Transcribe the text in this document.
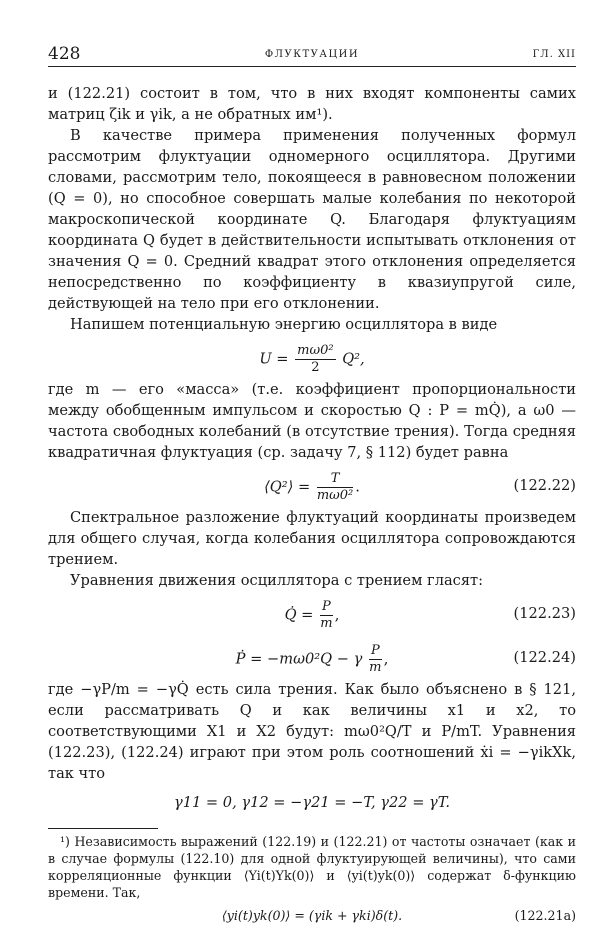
428	ФЛУКТУАЦИИ	ГЛ. XII

и (122.21) состоит в том, что в них входят компоненты самих матриц ζik и γik, а не обратных им¹).

В качестве примера применения полученных формул рассмотрим флуктуации одномерного осциллятора. Другими словами, рассмотрим тело, покоящееся в равновесном положении (Q = 0), но способное совершать малые колебания по некоторой макроскопической координате Q. Благодаря флуктуациям координата Q будет в действительности испытывать отклонения от значения Q = 0. Средний квадрат этого отклонения определяется непосредственно по коэффициенту в квазиупругой силе, действующей на тело при его отклонении.

Напишем потенциальную энергию осциллятора в виде

$U = \frac{\text{mω0²}}{2} Q^2$,

где m — его «масса» (т.е. коэффициент пропорциональности между обобщенным импульсом и скоростью Q : P = mQ̇), а ω0 — частота свободных колебаний (в отсутствие трения). Тогда средняя квадратичная флуктуация (ср. задачу 7, § 112) будет равна

⟨Q²⟩ = $\frac{T}{\text{mω0²}}$ .	(122.22)

Спектральное разложение флуктуаций координаты произведем для общего случая, когда колебания осциллятора сопровождаются трением.

Уравнения движения осциллятора с трением гласят:

Q̇ = $\frac{P}{m}$ ,	(122.23)
Ṗ = −mω0²Q − γ $\frac{P}{m}$ ,	(122.24)

где −γP/m = −γQ̇ есть сила трения. Как было объяснено в § 121, если рассматривать Q и как величины x1 и x2, то соответствующими X1 и X2 будут: mω0²Q/T и P/mT. Уравнения (122.23), (122.24) играют при этом роль соотношений ẋi = −γikXk, так что

γ11 = 0, γ12 = −γ21 = −T, γ22 = γT.

¹) Независимость выражений (122.19) и (122.21) от частоты означает (как и в случае формулы (122.10) для одной флуктуирующей величины), что сами корреляционные функции ⟨Yi(t)Yk(0)⟩ и ⟨yi(t)yk(0)⟩ содержат δ-функцию времени. Так,

⟨yi(t)yk(0)⟩ = (γik + γki)δ(t).	(122.21a)
